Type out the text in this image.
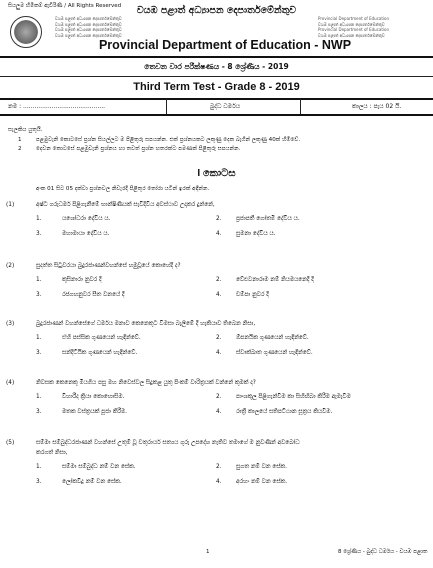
සියලුම හිමිකම් ඇවිරිණි / All Rights Reserved
වයඹ පළාත් අධ්‍යාපන දෙපාර්තමේන්තුව
වයඹ පළාත් අධ්‍යාපන දෙපාර්තමේන්තුව
වයඹ පළාත් අධ්‍යාපන දෙපාර්තමේන්තුව
වයඹ පළාත් අධ්‍යාපන දෙපාර්තමේන්තුව
Provincial Department of Education
වයඹ පළාත් අධ්‍යාපන දෙපාර්තමේන්තුව
Provincial Department of Education
වයඹ පළාත් අධ්‍යාපන දෙපාර්තමේන්තුව
වයඹ පළාත් අධ්‍යාපන දෙපාර්තමේන්තුව
Provincial Department of Education - NWP
තෙවන වාර පරීක්ෂණය - 8 ශ්‍රේණිය - 2019
Third Term Test - Grade 8 - 2019
නම : ...........................................	බුද්ධ ධර්මය	කාලය : පැය 02 යි.
සැලකිය යුතුයි.
1	පළමුවැනි කොටසේ ප්‍රශ්න සියල්ලට ම පිළිතුරු සපයන්න. එක් ප්‍රශ්නයකට ලකුණු දෙක බැගින් ලකුණු 40ක් හිමිවේ.
2	දෙවන කොටසේ පළමුවැනි ප්‍රශ්නය හා තවත් ප්‍රශ්න හතරක්ට පමණක් පිළිතුරු සපයන්න.
I කොටස
අංක 01 සිට 05 දක්වා ප්‍රශ්නවල නිවැරදි පිළිතුර තෝරා යටින් ඉරක් අඳින්න.
(1)	අෂ්ට ගරුධර්ම පිළිගැනීමේ භාන්ෂිණියක් සැවිදිවිය අවස්ථාව උදාකර දුන්නේ,
1.	යශෝධරා දේවිය ය.	2. ප්‍රජාපතී ගෝතමී දේවිය ය.
3.	මහාමායා දේවිය ය.	4. සුමනා දේවිය ය.
(2)	සුදත්ත සිටුවරයා බුදුරජාණන්වහන්සේ හමුවූයේ කොහේදී ද?
1.	කුසිනාරා නුවර දී	2. වේළුවනාරාම නම් නියමයනෙදී දී
3.	රජගහනුවර සීත වනයේ දී	4. චම්පා නුවර දී
(3)	බුදුරජාණන් වහන්සේගේ ධර්මය මනාව කෙනෙකුට විමසා බැලීමේ දී හැකියාව තිබෙන නිසා,
1.	ඒහි පස්සික ගුණයෙන් හැඳින්වේ.	2. ඕපනයික ගුණයෙන් හැඳින්වේ.
3.	සන්දිට්ඨික ගුණයෙන් හැඳින්වේ.	4. ස්වාක්ඛාත ගුණයෙන් හැඳින්වේ.
(4)	නිවසක කෙනෙකු මියගිය පසු මහ නිවෙස්වල සිදුකළ යුතු පිංකම් වාරිත්‍රයක් වන්නේ කුමක් ද?
1.	විහාරීද ක්‍රියා කොහොසිම.	2. පාංශකූල පිළිගැන්වීම කා සිහිඟිබා කිරීම ඇමැවීම
3.	මතක වස්ත්‍රයක් පූජා කිරීම.	4. රාත්‍රී කාලයේ සතිපට්ඨාන සූත්‍රය කියවීම.
(5)	සම්මා සම්බුද්ධරජාණන් වහන්සේ උතුම් වූ චතුරාර්ය සත්‍යය ගුරු උපදේශ නැතිව තමාගේ ම නුවණින් අවබෝධ
කරගත් නිසා,
1.	සම්මා සම්බුද්ධ නම් වන සේක.	2. සුගත නම් වන සේක.
3.	ලෝකවිදූ නම් වන සේක.	4. අරහං නම් වන සේක.
1	8 ශ්‍රේණිය - බුද්ධ ධර්මය - වයඹ පළාත
